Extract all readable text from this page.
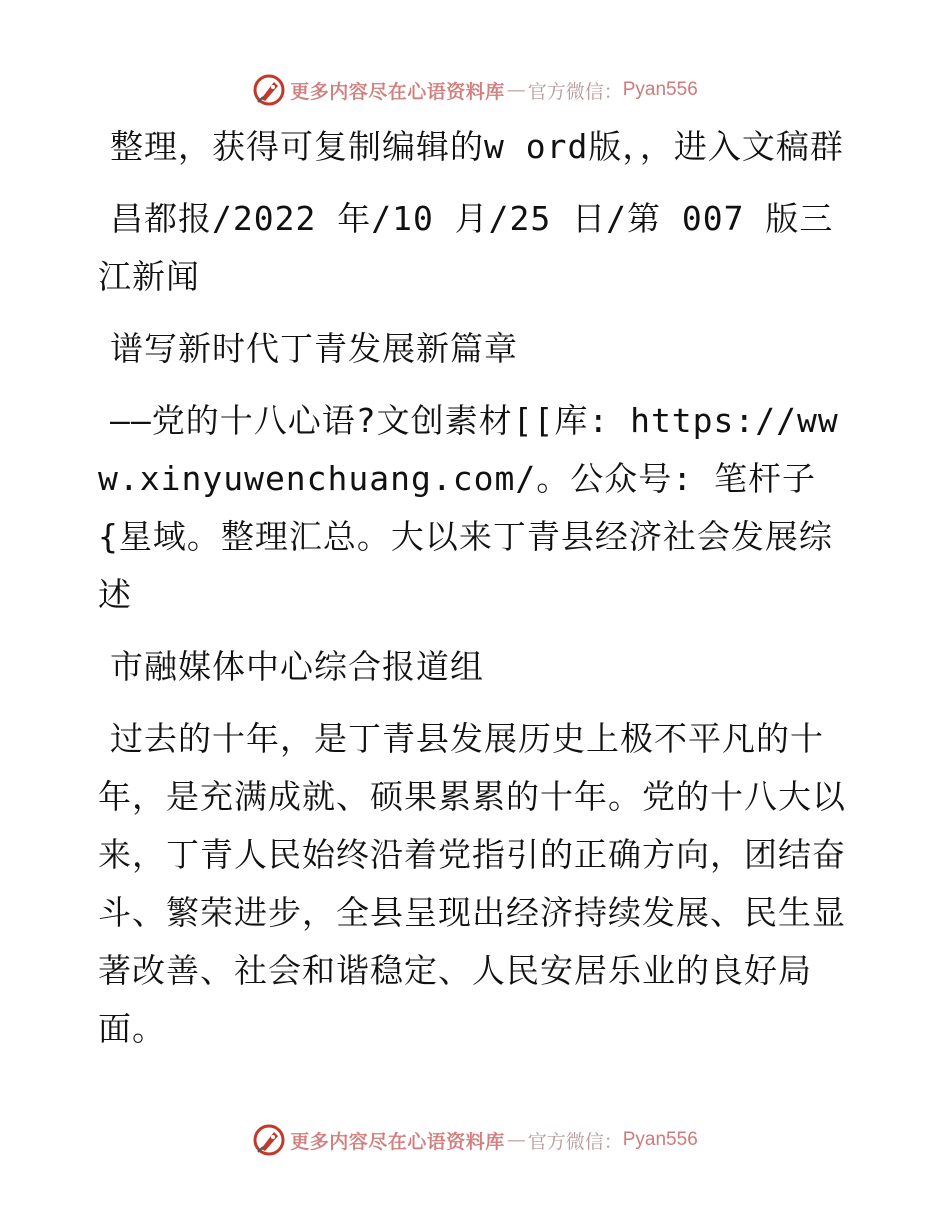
更多内容尽在心语资料库 — 官方微信： Pyan556

整理，获得可复制编辑的w ord版，，进入文稿群

昌都报/2022 年/10 月/25 日/第 007 版三江新闻

谱写新时代丁青发展新篇章

——党的十八心语?文创素材[[库: https://www.xinyuwenchuang.com/。公众号: 笔杆子{星域。整理汇总。大以来丁青县经济社会发展综述

市融媒体中心综合报道组

过去的十年，是丁青县发展历史上极不平凡的十年，是充满成就、硕果累累的十年。党的十八大以来，丁青人民始终沿着党指引的正确方向，团结奋斗、繁荣进步，全县呈现出经济持续发展、民生显著改善、社会和谐稳定、人民安居乐业的良好局面。

更多内容尽在心语资料库 — 官方微信： Pyan556
